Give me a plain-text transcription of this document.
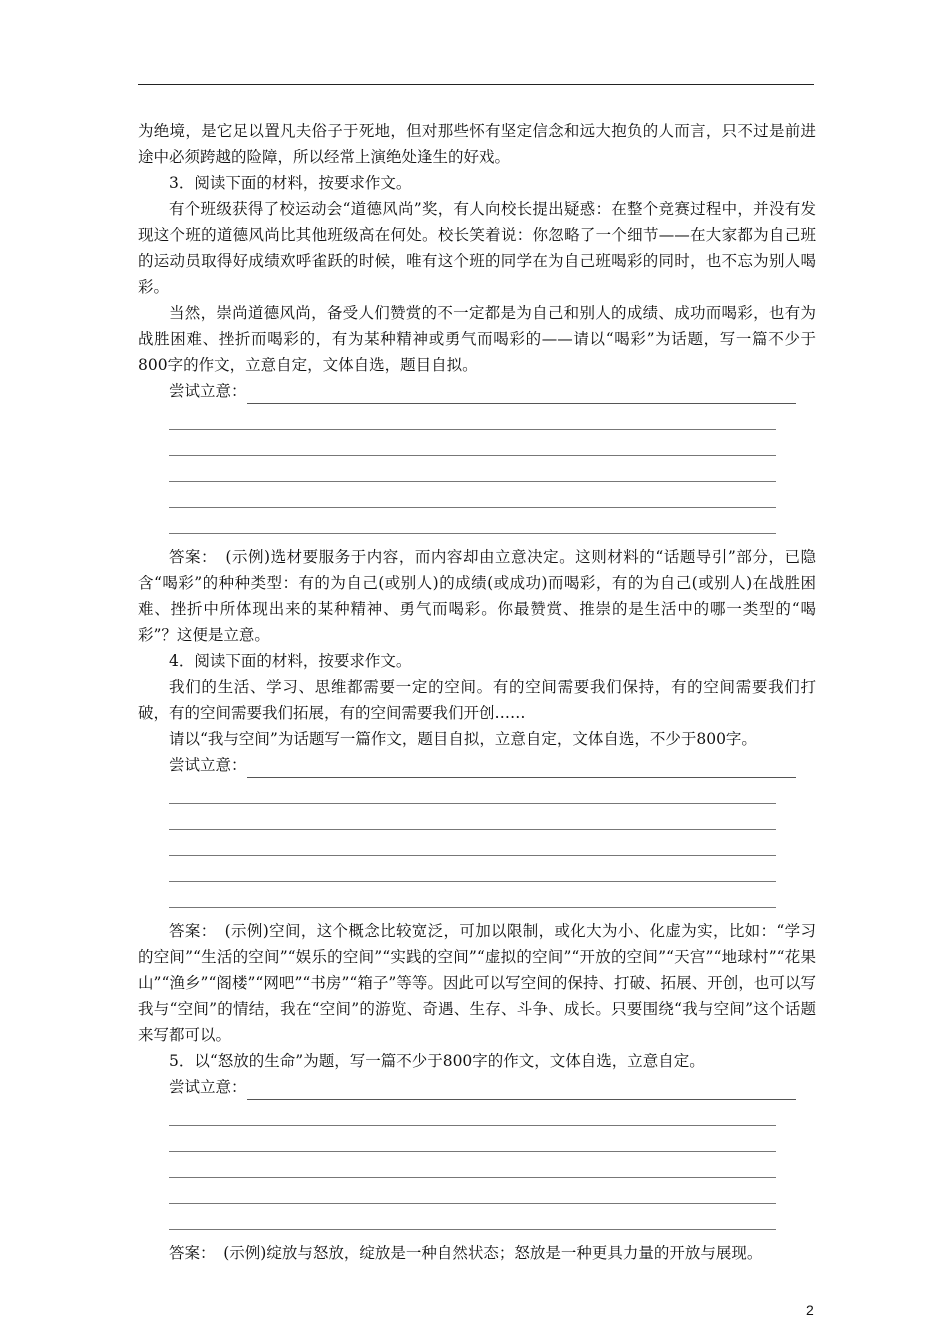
为绝境，是它足以置凡夫俗子于死地，但对那些怀有坚定信念和远大抱负的人而言，只不过是前进途中必须跨越的险障，所以经常上演绝处逢生的好戏。

3．阅读下面的材料，按要求作文。

有个班级获得了校运动会“道德风尚”奖，有人向校长提出疑惑：在整个竞赛过程中，并没有发现这个班的道德风尚比其他班级高在何处。校长笑着说：你忽略了一个细节——在大家都为自己班的运动员取得好成绩欢呼雀跃的时候，唯有这个班的同学在为自己班喝彩的同时，也不忘为别人喝彩。

当然，崇尚道德风尚，备受人们赞赏的不一定都是为自己和别人的成绩、成功而喝彩，也有为战胜困难、挫折而喝彩的，有为某种精神或勇气而喝彩的——请以“喝彩”为话题，写一篇不少于800字的作文，立意自定，文体自选，题目自拟。

尝试立意：

答案：　(示例)选材要服务于内容，而内容却由立意决定。这则材料的“话题导引”部分，已隐含“喝彩”的种种类型：有的为自己(或别人)的成绩(或成功)而喝彩，有的为自己(或别人)在战胜困难、挫折中所体现出来的某种精神、勇气而喝彩。你最赞赏、推崇的是生活中的哪一类型的“喝彩”？这便是立意。

4．阅读下面的材料，按要求作文。

我们的生活、学习、思维都需要一定的空间。有的空间需要我们保持，有的空间需要我们打破，有的空间需要我们拓展，有的空间需要我们开创……

请以“我与空间”为话题写一篇作文，题目自拟，立意自定，文体自选，不少于800字。

尝试立意：

答案：　(示例)空间，这个概念比较宽泛，可加以限制，或化大为小、化虚为实，比如：“学习的空间”“生活的空间”“娱乐的空间”“实践的空间”“虚拟的空间”“开放的空间”“天宫”“地球村”“花果山”“渔乡”“阁楼”“网吧”“书房”“箱子”等等。因此可以写空间的保持、打破、拓展、开创，也可以写我与“空间”的情结，我在“空间”的游览、奇遇、生存、斗争、成长。只要围绕“我与空间”这个话题来写都可以。

5．以“怒放的生命”为题，写一篇不少于800字的作文，文体自选，立意自定。

尝试立意：

答案：　(示例)绽放与怒放，绽放是一种自然状态；怒放是一种更具力量的开放与展现。

2
